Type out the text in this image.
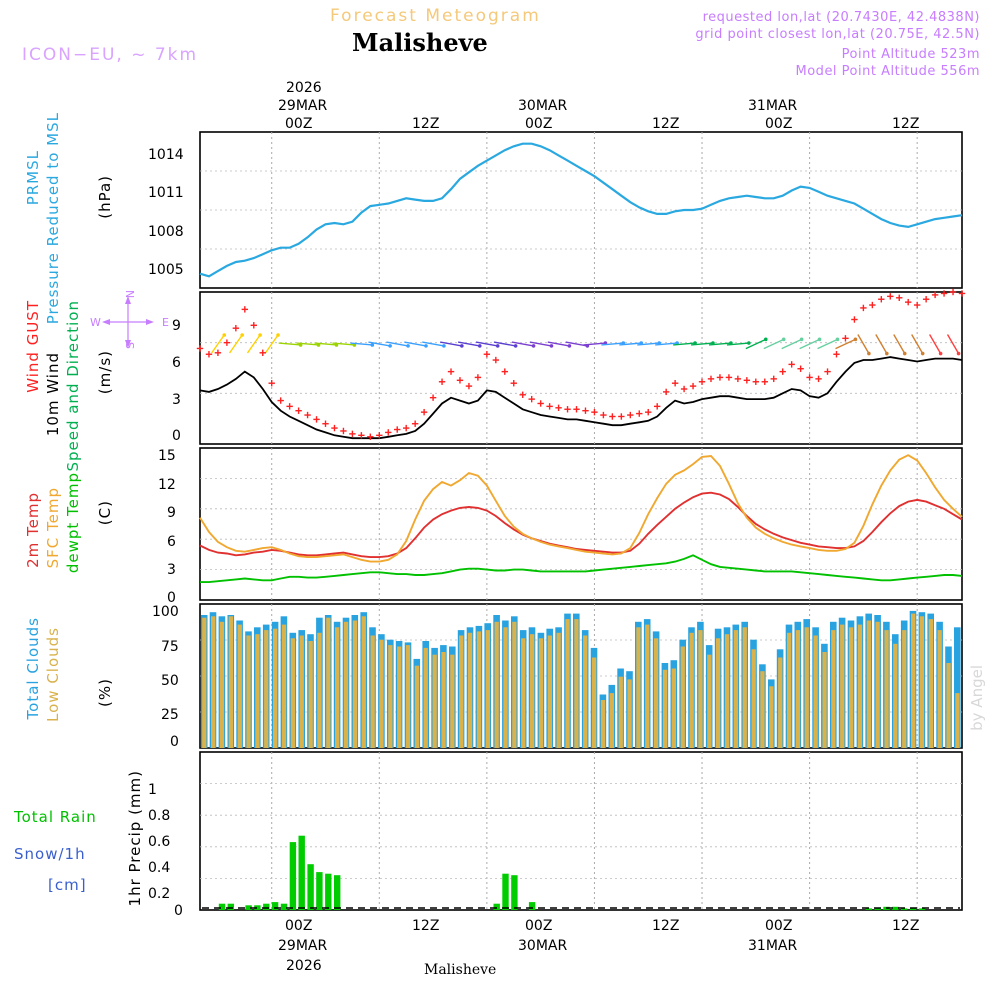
Forecast Meteogram
Malisheve
ICON−EU, ~ 7km
requested lon,lat (20.7430E, 42.4838N)
grid point closest lon,lat (20.75E, 42.5N)
Point Altitude 523m
Model Point Altitude 556m
by Angel
2026
29MAR
00Z	12Z
30MAR
00Z	12Z
31MAR
00Z	12Z
PRMSL Pressure Reduced to MSL (hPa)
1014
1011
1008
1005
Wind GUST
10m Wind Speed and Direction (m/s)
N
W	E
S
9
6
3
0
2m Temp SFC Temp dewpt Temp (C)
15
12
9
6
3
0
Total Clouds Low Clouds (%)
100
75
50
25
0
Total Rain
Snow/1h
[cm]	1hr Precip (mm) 1
0.8
0.6
0.4
0.2
0
00Z	12Z	00Z	12Z	00Z	12Z
29MAR	30MAR	31MAR
2026	Malisheve
